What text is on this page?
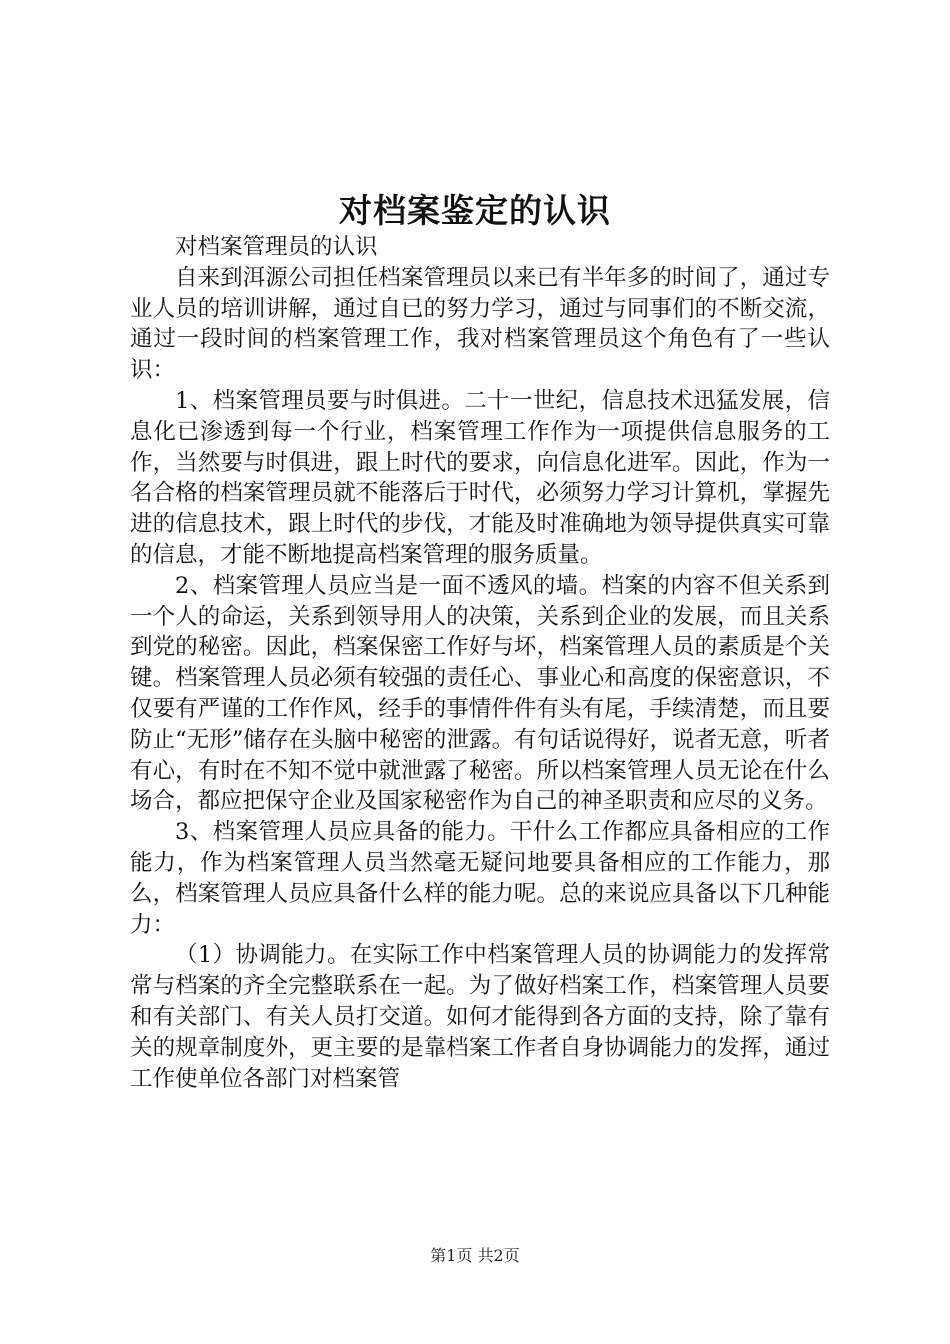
对档案鉴定的认识

对档案管理员的认识

自来到洱源公司担任档案管理员以来已有半年多的时间了，通过专业人员的培训讲解，通过自已的努力学习，通过与同事们的不断交流，通过一段时间的档案管理工作，我对档案管理员这个角色有了一些认识：

1、档案管理员要与时俱进。二十一世纪，信息技术迅猛发展，信息化已渗透到每一个行业，档案管理工作作为一项提供信息服务的工作，当然要与时俱进，跟上时代的要求，向信息化进军。因此，作为一名合格的档案管理员就不能落后于时代，必须努力学习计算机，掌握先进的信息技术，跟上时代的步伐，才能及时准确地为领导提供真实可靠的信息，才能不断地提高档案管理的服务质量。

2、档案管理人员应当是一面不透风的墙。档案的内容不但关系到一个人的命运，关系到领导用人的决策，关系到企业的发展，而且关系到党的秘密。因此，档案保密工作好与坏，档案管理人员的素质是个关键。档案管理人员必须有较强的责任心、事业心和高度的保密意识，不仅要有严谨的工作作风，经手的事情件件有头有尾，手续清楚，而且要防止“无形”储存在头脑中秘密的泄露。有句话说得好，说者无意，听者有心，有时在不知不觉中就泄露了秘密。所以档案管理人员无论在什么场合，都应把保守企业及国家秘密作为自己的神圣职责和应尽的义务。

3、档案管理人员应具备的能力。干什么工作都应具备相应的工作能力，作为档案管理人员当然毫无疑问地要具备相应的工作能力，那么，档案管理人员应具备什么样的能力呢。总的来说应具备以下几种能力：

（1）协调能力。在实际工作中档案管理人员的协调能力的发挥常常与档案的齐全完整联系在一起。为了做好档案工作，档案管理人员要和有关部门、有关人员打交道。如何才能得到各方面的支持，除了靠有关的规章制度外，更主要的是靠档案工作者自身协调能力的发挥，通过工作使单位各部门对档案管

第1页 共2页
